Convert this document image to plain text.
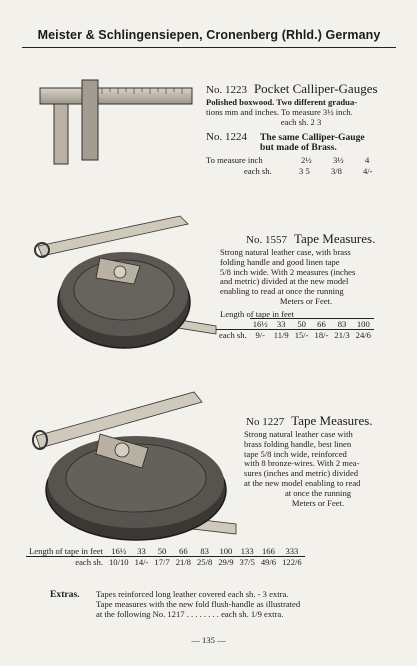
Meister & Schlingensiepen, Cronenberg (Rhld.) Germany
No. 1223 Pocket Calliper-Gauges
Polished boxwood. Two different gradua-
tions mm and inches. To measure 3½ inch.
each sh. 2 3
No. 1224 The same Calliper-Gauge
but made of Brass.
To measure inch	2½ 3½ 4
each sh.	3 5 3/8 4/-
No. 1557 Tape Measures.
Strong natural leather case, with brass
folding handle and good linen tape
5/8 inch wide. With 2 measures (inches
and metric) divided at the new model
enabling to read at once the running
Meters or Feet.
Length of tape in feet
	16½	33	50	66	83	100
each sh.	9/-	11/9	15/-	18/-	21/3	24/6
No 1227 Tape Measures.
Strong natural leather case with
brass folding handle, best linen
tape 5/8 inch wide, reinforced
with 8 bronze-wires. With 2 mea-
sures (inches and metric) divided
at the new model enabling to read
at once the running
Meters or Feet.
Length of tape in feet	16½	33	50	66	83	100	133	166	333
each sh.	10/10	14/-	17/7	21/8	25/8	29/9	37/5	49/6	122/6
Extras. Tapes reinforced long leather covered each sh. - 3 extra.
Tape measures with the new fold flush-handle as illustrated
at the following No. 1217 . . . . . . . . each sh. 1/9 extra.
— 135 —
